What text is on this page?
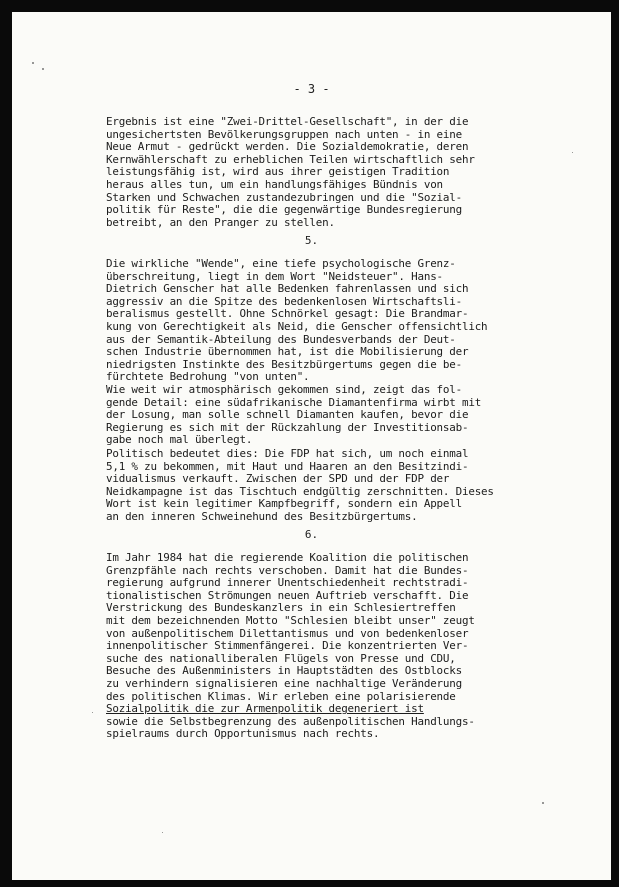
- 3 -
Ergebnis ist eine "Zwei-Drittel-Gesellschaft", in der die
ungesichertsten Bevölkerungsgruppen nach unten - in eine
Neue Armut - gedrückt werden. Die Sozialdemokratie, deren
Kernwählerschaft zu erheblichen Teilen wirtschaftlich sehr
leistungsfähig ist, wird aus ihrer geistigen Tradition
heraus alles tun, um ein handlungsfähiges Bündnis von
Starken und Schwachen zustandezubringen und die "Sozial-
politik für Reste", die die gegenwärtige Bundesregierung
betreibt, an den Pranger zu stellen.
5.
Die wirkliche "Wende", eine tiefe psychologische Grenz-
überschreitung, liegt in dem Wort "Neidsteuer". Hans-
Dietrich Genscher hat alle Bedenken fahrenlassen und sich
aggressiv an die Spitze des bedenkenlosen Wirtschaftsli-
beralismus gestellt. Ohne Schnörkel gesagt: Die Brandmar-
kung von Gerechtigkeit als Neid, die Genscher offensichtlich
aus der Semantik-Abteilung des Bundesverbands der Deut-
schen Industrie übernommen hat, ist die Mobilisierung der
niedrigsten Instinkte des Besitzbürgertums gegen die be-
fürchtete Bedrohung "von unten".
Wie weit wir atmosphärisch gekommen sind, zeigt das fol-
gende Detail: eine südafrikanische Diamantenfirma wirbt mit
der Losung, man solle schnell Diamanten kaufen, bevor die
Regierung es sich mit der Rückzahlung der Investitionsab-
gabe noch mal überlegt.
Politisch bedeutet dies: Die FDP hat sich, um noch einmal
5,1 % zu bekommen, mit Haut und Haaren an den Besitzindi-
vidualismus verkauft. Zwischen der SPD und der FDP der
Neidkampagne ist das Tischtuch endgültig zerschnitten. Dieses
Wort ist kein legitimer Kampfbegriff, sondern ein Appell
an den inneren Schweinehund des Besitzbürgertums.
6.
Im Jahr 1984 hat die regierende Koalition die politischen
Grenzpfähle nach rechts verschoben. Damit hat die Bundes-
regierung aufgrund innerer Unentschiedenheit rechtstradi-
tionalistischen Strömungen neuen Auftrieb verschafft. Die
Verstrickung des Bundeskanzlers in ein Schlesiertreffen
mit dem bezeichnenden Motto "Schlesien bleibt unser" zeugt
von außenpolitischem Dilettantismus und von bedenkenloser
innenpolitischer Stimmenfängerei. Die konzentrierten Ver-
suche des nationalliberalen Flügels von Presse und CDU,
Besuche des Außenministers in Hauptstädten des Ostblocks
zu verhindern signalisieren eine nachhaltige Veränderung
des politischen Klimas. Wir erleben eine polarisierende
Sozialpolitik die zur Armenpolitik degeneriert ist
sowie die Selbstbegrenzung des außenpolitischen Handlungs-
spielraums durch Opportunismus nach rechts.
